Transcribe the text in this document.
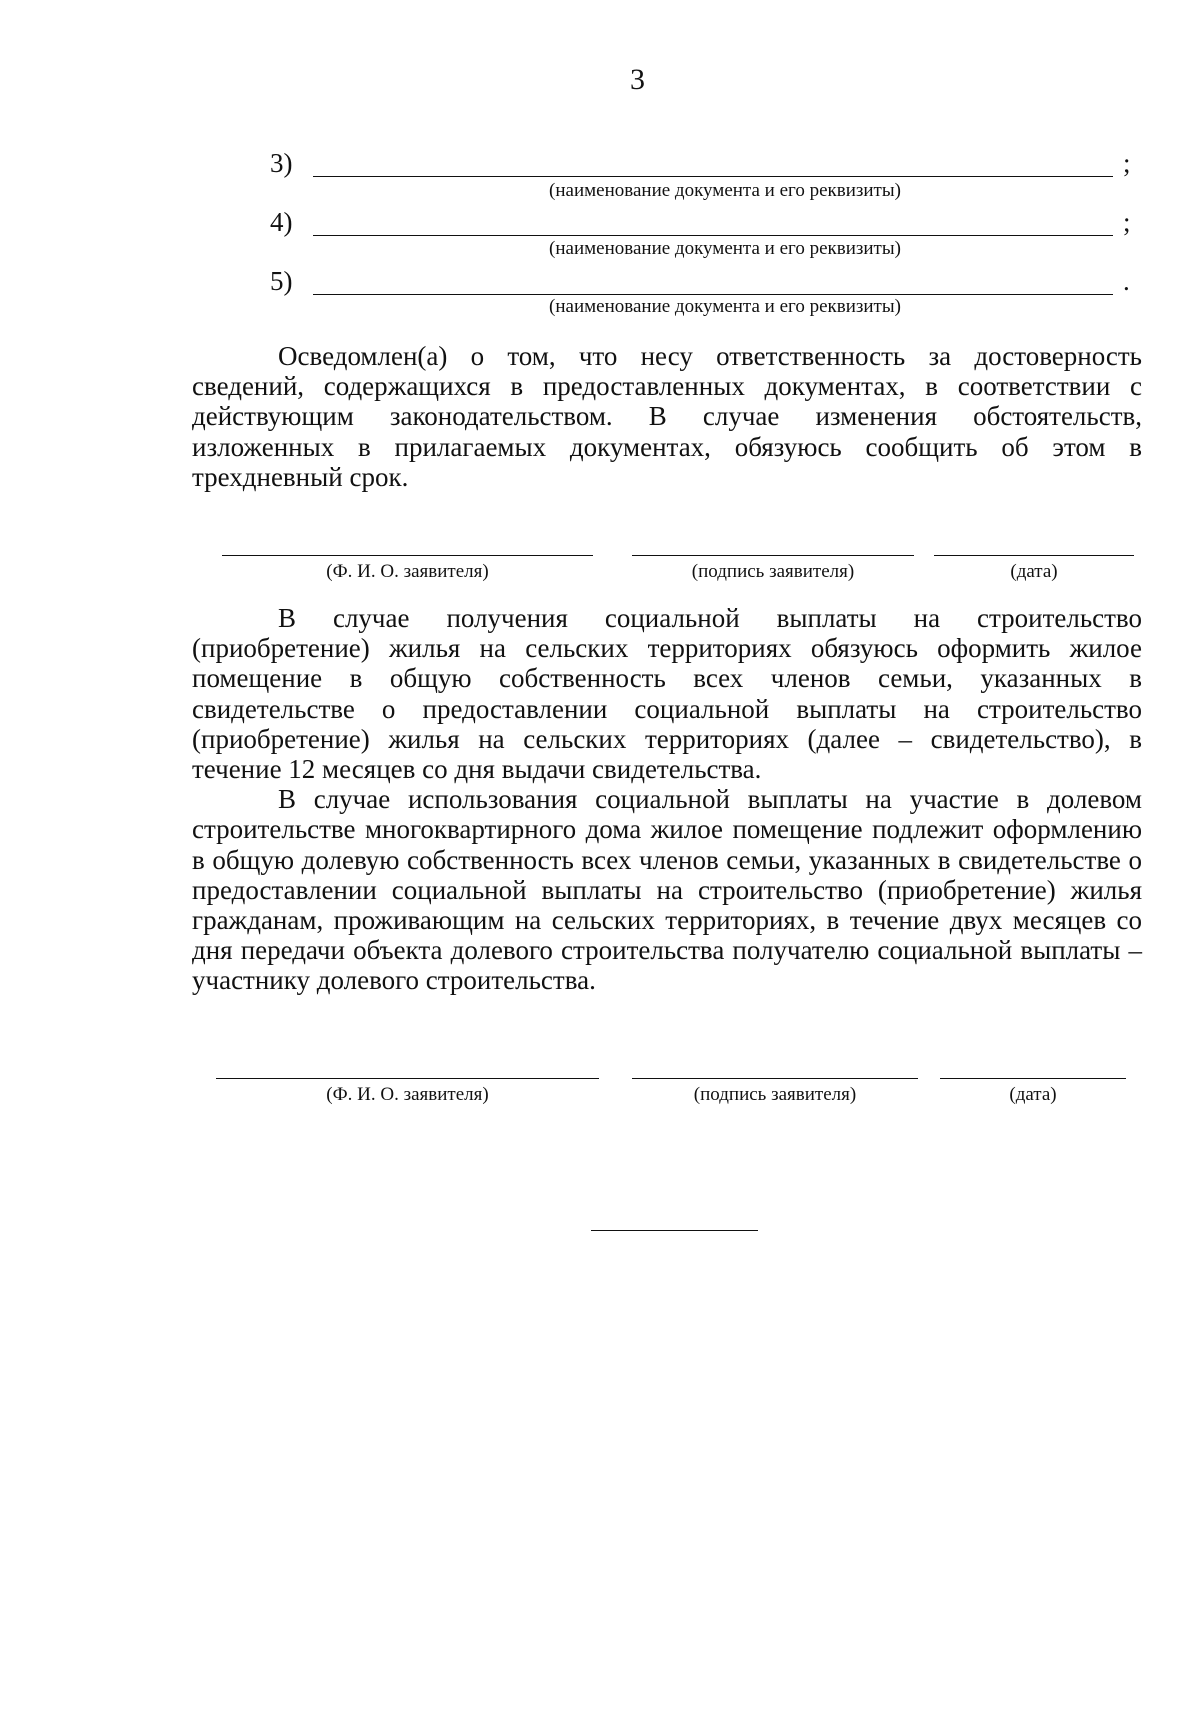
3
3)	;
(наименование документа и его реквизиты)
4)	;
(наименование документа и его реквизиты)
5)	.
(наименование документа и его реквизиты)

Осведомлен(а) о том, что несу ответственность за достоверность сведений, содержащихся в предоставленных документах, в соответствии с действующим законодательством. В случае изменения обстоятельств, изложенных в прилагаемых документах, обязуюсь сообщить об этом в трехдневный срок.

(Ф. И. О. заявителя)	(подпись заявителя)	(дата)

В случае получения социальной выплаты на строительство (приобретение) жилья на сельских территориях обязуюсь оформить жилое помещение в общую собственность всех членов семьи, указанных в свидетельстве о предоставлении социальной выплаты на строительство (приобретение) жилья на сельских территориях (далее – свидетельство), в течение 12 месяцев со дня выдачи свидетельства.

В случае использования социальной выплаты на участие в долевом строительстве многоквартирного дома жилое помещение подлежит оформлению в общую долевую собственность всех членов семьи, указанных в свидетельстве о предоставлении социальной выплаты на строительство (приобретение) жилья гражданам, проживающим на сельских территориях, в течение двух месяцев со дня передачи объекта долевого строительства получателю социальной выплаты – участнику долевого строительства.

(Ф. И. О. заявителя)	(подпись заявителя)	(дата)
